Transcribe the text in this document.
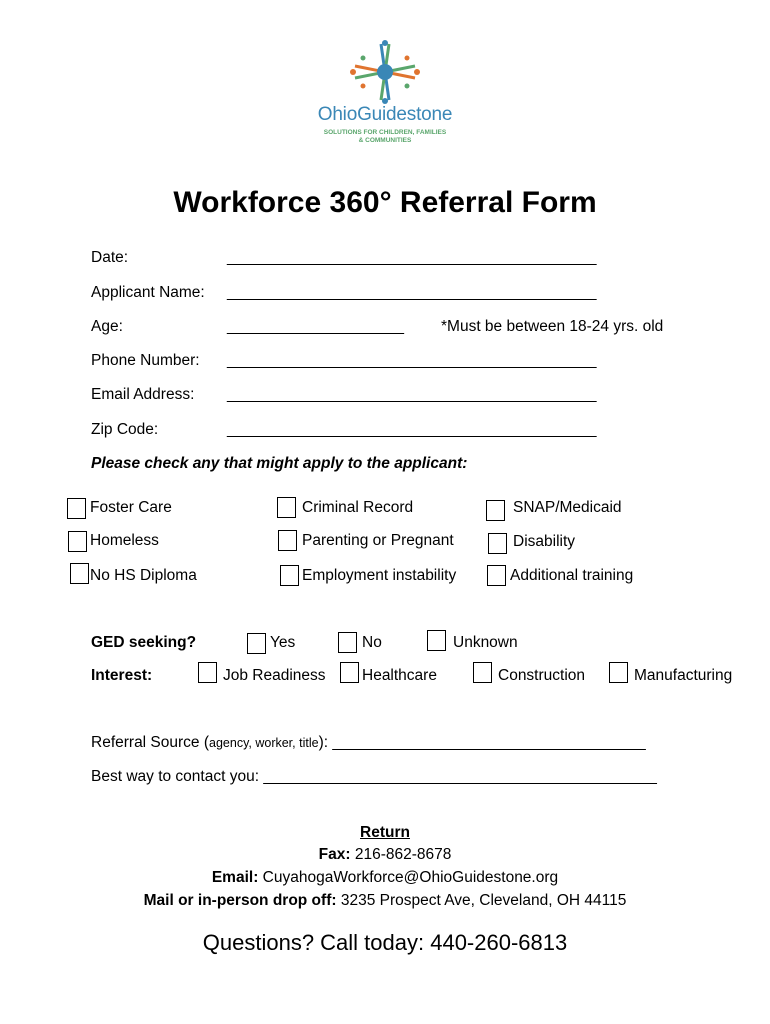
OhioGuidestone
SOLUTIONS FOR CHILDREN, FAMILIES
& COMMUNITIES
Workforce 360° Referral Form
Date:	______________________________________________
Applicant Name: ______________________________________________
Age:	______________________ *Must be between 18-24 yrs. old
Phone Number: ______________________________________________
Email Address: ______________________________________________
Zip Code:	______________________________________________
Please check any that might apply to the applicant:
Foster Care	Criminal Record	SNAP/Medicaid
Homeless	Parenting or Pregnant	Disability
No HS Diploma	Employment instability	Additional training
GED seeking?	Yes	No	Unknown
Interest:	Job Readiness Healthcare	Construction	Manufacturing
Referral Source (agency, worker, title): _______________________________________
Best way to contact you: _________________________________________________
Return
Fax: 216-862-8678
Email: CuyahogaWorkforce@OhioGuidestone.org
Mail or in-person drop off: 3235 Prospect Ave, Cleveland, OH 44115
Questions? Call today: 440-260-6813
